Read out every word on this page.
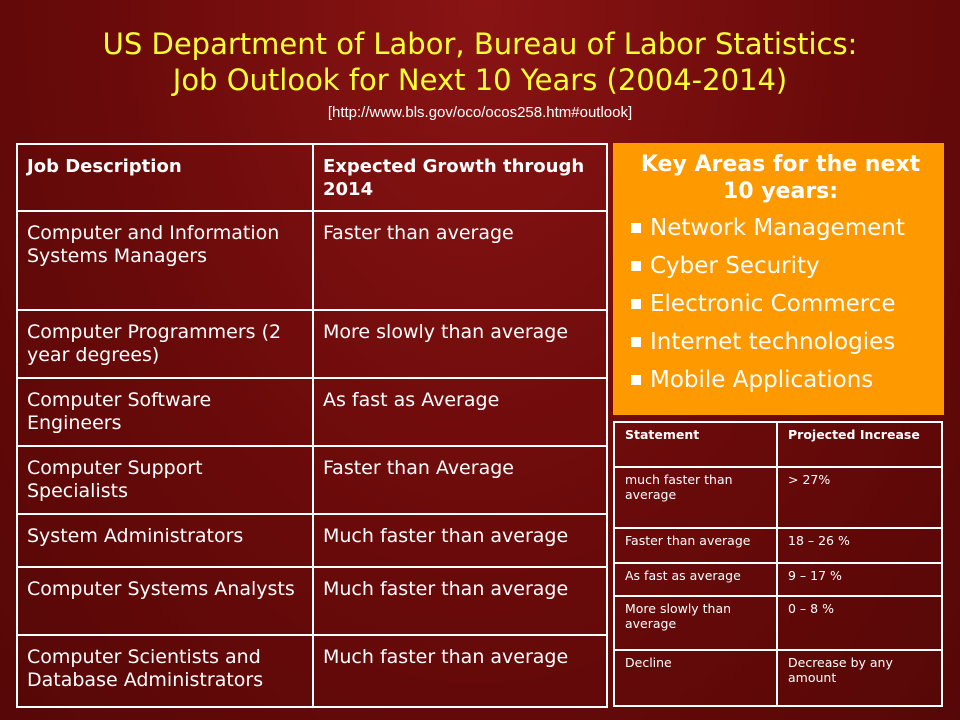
US Department of Labor, Bureau of Labor Statistics:
Job Outlook for Next 10 Years (2004-2014)
[http://www.bls.gov/oco/ocos258.htm#outlook]
Job Description	Expected Growth through 2014
Computer and Information Systems Managers	Faster than average
Computer Programmers (2 year degrees)	More slowly than average
Computer Software Engineers	As fast as Average
Computer Support Specialists	Faster than Average
System Administrators	Much faster than average
Computer Systems Analysts	Much faster than average
Computer Scientists and Database Administrators	Much faster than average
Key Areas for the next 10 years:
Network Management
Cyber Security
Electronic Commerce
Internet technologies
Mobile Applications
Statement	Projected Increase
much faster than average	> 27%
Faster than average	18 – 26 %
As fast as average	9 – 17 %
More slowly than average	0 – 8 %
Decline	Decrease by any amount
